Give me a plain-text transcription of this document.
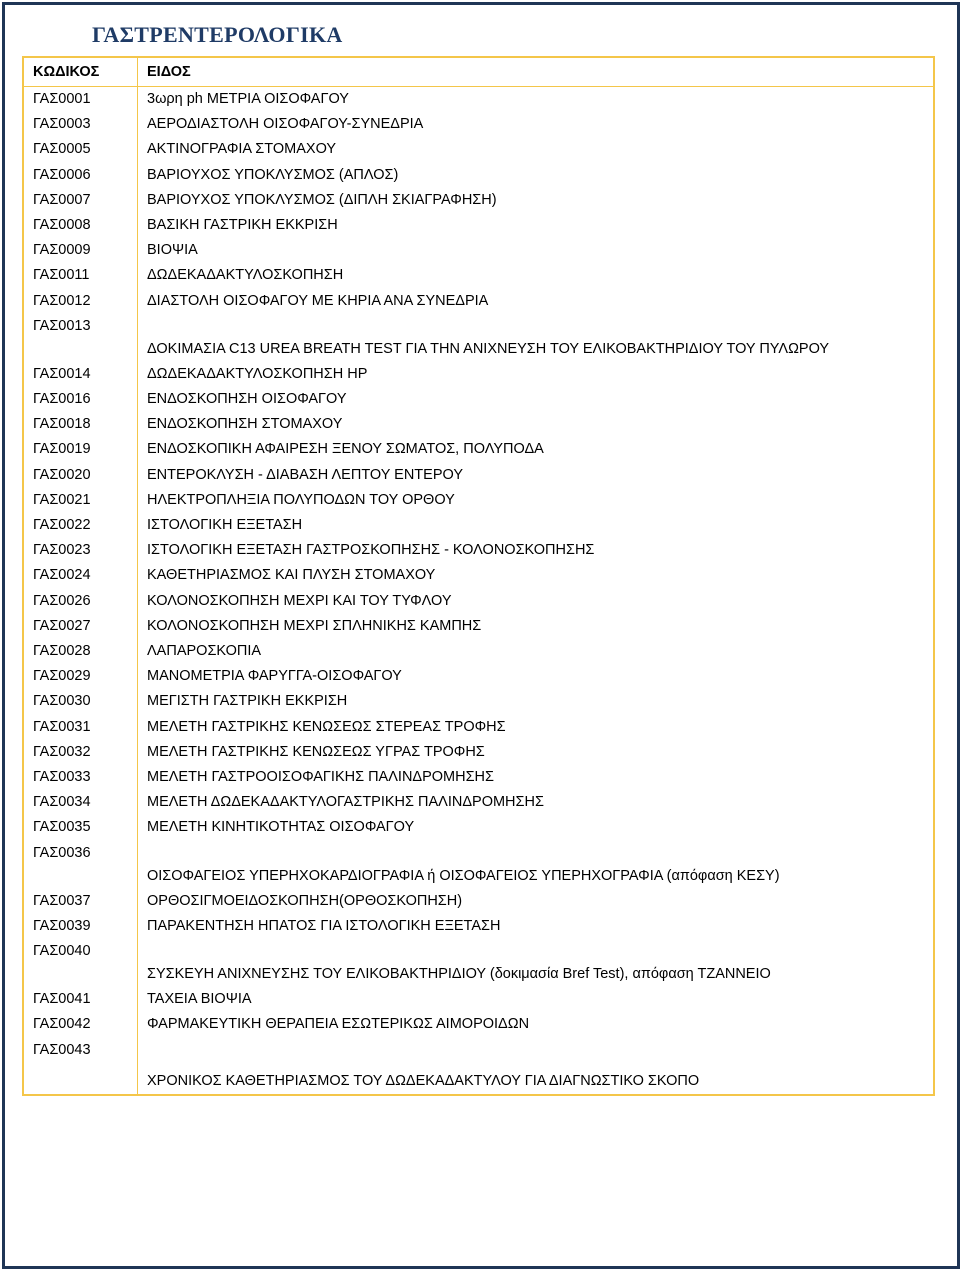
ΓΑΣΤΡΕΝΤΕΡΟΛΟΓΙΚΑ
ΚΩΔΙΚΟΣ	ΕΙΔΟΣ
ΓΑΣ0001	3ωρη ph ΜΕΤΡΙΑ ΟΙΣΟΦΑΓΟΥ
ΓΑΣ0003	ΑΕΡΟΔΙΑΣΤΟΛΗ ΟΙΣΟΦΑΓΟΥ-ΣΥΝΕΔΡΙΑ
ΓΑΣ0005	ΑΚΤΙΝΟΓΡΑΦΙΑ ΣΤΟΜΑΧΟΥ
ΓΑΣ0006	ΒΑΡΙΟΥΧΟΣ ΥΠΟΚΛΥΣΜΟΣ (ΑΠΛΟΣ)
ΓΑΣ0007	ΒΑΡΙΟΥΧΟΣ ΥΠΟΚΛΥΣΜΟΣ (ΔΙΠΛΗ ΣΚΙΑΓΡΑΦΗΣΗ)
ΓΑΣ0008	ΒΑΣΙΚΗ ΓΑΣΤΡΙΚΗ ΕΚΚΡΙΣΗ
ΓΑΣ0009	ΒΙΟΨΙΑ
ΓΑΣ0011	ΔΩΔΕΚΑΔΑΚΤΥΛΟΣΚΟΠΗΣΗ
ΓΑΣ0012	ΔΙΑΣΤΟΛΗ ΟΙΣΟΦΑΓΟΥ ΜΕ ΚΗΡΙΑ ΑΝΑ ΣΥΝΕΔΡΙΑ
ΓΑΣ0013	ΔΟΚΙΜΑΣΙΑ C13 UREA BREATH TEST ΓΙΑ ΤΗΝ ΑΝΙΧΝΕΥΣΗ ΤΟΥ ΕΛΙΚΟΒΑΚΤΗΡΙΔΙΟΥ ΤΟΥ ΠΥΛΩΡΟΥ
ΓΑΣ0014	ΔΩΔΕΚΑΔΑΚΤΥΛΟΣΚΟΠΗΣΗ HP
ΓΑΣ0016	ΕΝΔΟΣΚΟΠΗΣΗ ΟΙΣΟΦΑΓΟΥ
ΓΑΣ0018	ΕΝΔΟΣΚΟΠΗΣΗ ΣΤΟΜΑΧΟΥ
ΓΑΣ0019	ΕΝΔΟΣΚΟΠΙΚΗ ΑΦΑΙΡΕΣΗ ΞΕΝΟΥ ΣΩΜΑΤΟΣ, ΠΟΛΥΠΟΔΑ
ΓΑΣ0020	ΕΝΤΕΡΟΚΛΥΣΗ - ΔΙΑΒΑΣΗ ΛΕΠΤΟΥ ΕΝΤΕΡΟΥ
ΓΑΣ0021	ΗΛΕΚΤΡΟΠΛΗΞΙΑ ΠΟΛΥΠΟΔΩΝ ΤΟΥ ΟΡΘΟΥ
ΓΑΣ0022	ΙΣΤΟΛΟΓΙΚΗ ΕΞΕΤΑΣΗ
ΓΑΣ0023	ΙΣΤΟΛΟΓΙΚΗ ΕΞΕΤΑΣΗ ΓΑΣΤΡΟΣΚΟΠΗΣΗΣ - ΚΟΛΟΝΟΣΚΟΠΗΣΗΣ
ΓΑΣ0024	ΚΑΘΕΤΗΡΙΑΣΜΟΣ ΚΑΙ ΠΛΥΣΗ ΣΤΟΜΑΧΟΥ
ΓΑΣ0026	ΚΟΛΟΝΟΣΚΟΠΗΣΗ ΜΕΧΡΙ ΚΑΙ ΤΟΥ ΤΥΦΛΟΥ
ΓΑΣ0027	ΚΟΛΟΝΟΣΚΟΠΗΣΗ ΜΕΧΡΙ ΣΠΛΗΝΙΚΗΣ ΚΑΜΠΗΣ
ΓΑΣ0028	ΛΑΠΑΡΟΣΚΟΠΙΑ
ΓΑΣ0029	ΜΑΝΟΜΕΤΡΙΑ ΦΑΡΥΓΓΑ-ΟΙΣΟΦΑΓΟΥ
ΓΑΣ0030	ΜΕΓΙΣΤΗ ΓΑΣΤΡΙΚΗ ΕΚΚΡΙΣΗ
ΓΑΣ0031	ΜΕΛΕΤΗ ΓΑΣΤΡΙΚΗΣ ΚΕΝΩΣΕΩΣ ΣΤΕΡΕΑΣ ΤΡΟΦΗΣ
ΓΑΣ0032	ΜΕΛΕΤΗ ΓΑΣΤΡΙΚΗΣ ΚΕΝΩΣΕΩΣ ΥΓΡΑΣ ΤΡΟΦΗΣ
ΓΑΣ0033	ΜΕΛΕΤΗ ΓΑΣΤΡΟΟΙΣΟΦΑΓΙΚΗΣ ΠΑΛΙΝΔΡΟΜΗΣΗΣ
ΓΑΣ0034	ΜΕΛΕΤΗ ΔΩΔΕΚΑΔΑΚΤΥΛΟΓΑΣΤΡΙΚΗΣ ΠΑΛΙΝΔΡΟΜΗΣΗΣ
ΓΑΣ0035	ΜΕΛΕΤΗ ΚΙΝΗΤΙΚΟΤΗΤΑΣ ΟΙΣΟΦΑΓΟΥ
ΓΑΣ0036	ΟΙΣΟΦΑΓΕΙΟΣ ΥΠΕΡΗΧΟΚΑΡΔΙΟΓΡΑΦΙΑ ή ΟΙΣΟΦΑΓΕΙΟΣ ΥΠΕΡΗΧΟΓΡΑΦΙΑ (απόφαση ΚΕΣΥ)
ΓΑΣ0037	ΟΡΘΟΣΙΓΜΟΕΙΔΟΣΚΟΠΗΣΗ(ΟΡΘΟΣΚΟΠΗΣΗ)
ΓΑΣ0039	ΠΑΡΑΚΕΝΤΗΣΗ ΗΠΑΤΟΣ ΓΙΑ ΙΣΤΟΛΟΓΙΚΗ ΕΞΕΤΑΣΗ
ΓΑΣ0040	ΣΥΣΚΕΥΗ ΑΝΙΧΝΕΥΣΗΣ ΤΟΥ ΕΛΙΚΟΒΑΚΤΗΡΙΔΙΟΥ (δοκιμασία Bref Test), απόφαση ΤΖΑΝΝΕΙΟ
ΓΑΣ0041	ΤΑΧΕΙΑ ΒΙΟΨΙΑ
ΓΑΣ0042	ΦΑΡΜΑΚΕΥΤΙΚΗ ΘΕΡΑΠΕΙΑ ΕΣΩΤΕΡΙΚΩΣ ΑΙΜΟΡΟΙΔΩΝ
ΓΑΣ0043	ΧΡΟΝΙΚΟΣ ΚΑΘΕΤΗΡΙΑΣΜΟΣ ΤΟΥ ΔΩΔΕΚΑΔΑΚΤΥΛΟΥ ΓΙΑ ΔΙΑΓΝΩΣΤΙΚΟ ΣΚΟΠΟ
